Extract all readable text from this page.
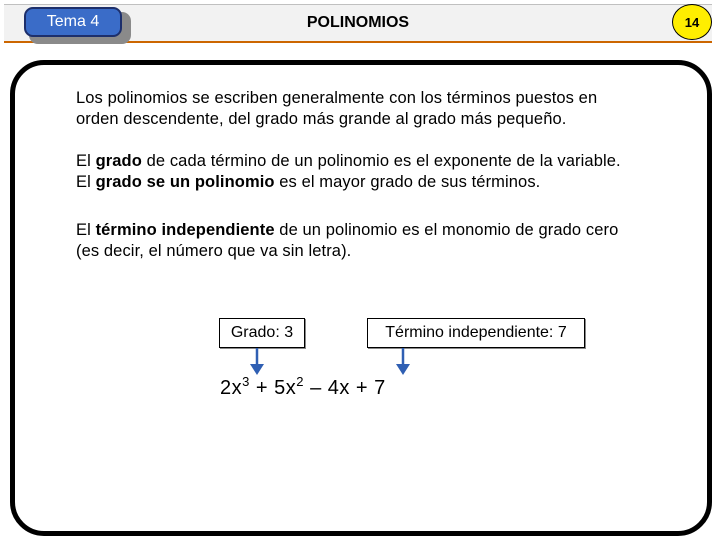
Tema 4	POLINOMIOS	14
Los polinomios se escriben generalmente con los términos puestos en
orden descendente, del grado más grande al grado más pequeño.
El grado de cada término de un polinomio es el exponente de la variable.
El grado se un polinomio es el mayor grado de sus términos.
El término independiente de un polinomio es el monomio de grado cero
(es decir, el número que va sin letra).
Grado: 3	Término independiente: 7
$2x^3 + 5x^2 - 4x + 7$
